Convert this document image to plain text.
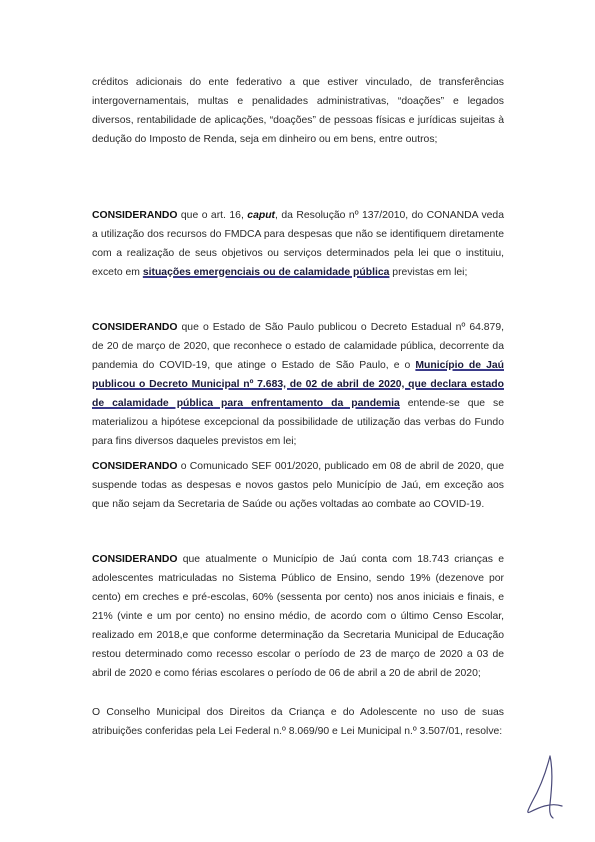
créditos adicionais do ente federativo a que estiver vinculado, de transferências intergovernamentais, multas e penalidades administrativas, “doações” e legados diversos, rentabilidade de aplicações, “doações” de pessoas físicas e jurídicas sujeitas à dedução do Imposto de Renda, seja em dinheiro ou em bens, entre outros;

CONSIDERANDO que o art. 16, caput, da Resolução nº 137/2010, do CONANDA veda a utilização dos recursos do FMDCA para despesas que não se identifiquem diretamente com a realização de seus objetivos ou serviços determinados pela lei que o instituiu, exceto em situações emergenciais ou de calamidade pública previstas em lei;

CONSIDERANDO que o Estado de São Paulo publicou o Decreto Estadual nº 64.879, de 20 de março de 2020, que reconhece o estado de calamidade pública, decorrente da pandemia do COVID-19, que atinge o Estado de São Paulo, e o Município de Jaú publicou o Decreto Municipal nº 7.683, de 02 de abril de 2020, que declara estado de calamidade pública para enfrentamento da pandemia entende-se que se materializou a hipótese excepcional da possibilidade de utilização das verbas do Fundo para fins diversos daqueles previstos em lei;

CONSIDERANDO o Comunicado SEF 001/2020, publicado em 08 de abril de 2020, que suspende todas as despesas e novos gastos pelo Município de Jaú, em exceção aos que não sejam da Secretaria de Saúde ou ações voltadas ao combate ao COVID-19.

CONSIDERANDO que atualmente o Município de Jaú conta com 18.743 crianças e adolescentes matriculadas no Sistema Público de Ensino, sendo 19% (dezenove por cento) em creches e pré-escolas, 60% (sessenta por cento) nos anos iniciais e finais, e 21% (vinte e um por cento) no ensino médio, de acordo com o último Censo Escolar, realizado em 2018,e que conforme determinação da Secretaria Municipal de Educação restou determinado como recesso escolar o período de 23 de março de 2020 a 03 de abril de 2020 e como férias escolares o período de 06 de abril a 20 de abril de 2020;

O Conselho Municipal dos Direitos da Criança e do Adolescente no uso de suas atribuições conferidas pela Lei Federal n.º 8.069/90 e Lei Municipal n.º 3.507/01, resolve:
